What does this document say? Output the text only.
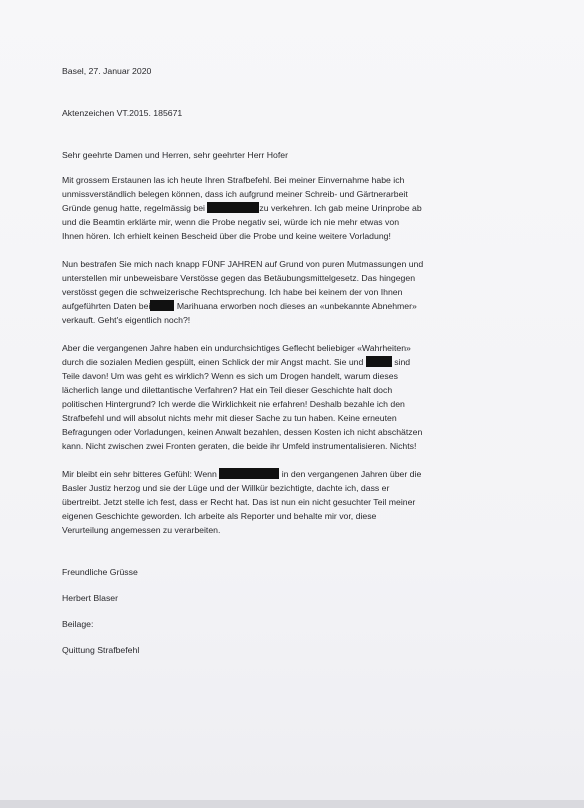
Basel, 27. Januar 2020

Aktenzeichen VT.2015. 185671

Sehr geehrte Damen und Herren, sehr geehrter Herr Hofer

Mit grossem Erstaunen las ich heute Ihren Strafbefehl. Bei meiner Einvernahme habe ich

unmissverständlich belegen können, dass ich aufgrund meiner Schreib- und Gärtnerarbeit

Gründe genug hatte, regelmässig bei	zu verkehren. Ich gab meine Urinprobe ab

und die Beamtin erklärte mir, wenn die Probe negativ sei, würde ich nie mehr etwas von

Ihnen hören. Ich erhielt keinen Bescheid über die Probe und keine weitere Vorladung!

Nun bestrafen Sie mich nach knapp FÜNF JAHREN auf Grund von puren Mutmassungen und

unterstellen mir unbeweisbare Verstösse gegen das Betäubungsmittelgesetz. Das hingegen

verstösst gegen die schweizerische Rechtsprechung. Ich habe bei keinem der von Ihnen

aufgeführten Daten bei	Marihuana erworben noch dieses an «unbekannte Abnehmer»

verkauft. Geht's eigentlich noch?!

Aber die vergangenen Jahre haben ein undurchsichtiges Geflecht beliebiger «Wahrheiten»

durch die sozialen Medien gespült, einen Schlick der mir Angst macht. Sie und	sind

Teile davon! Um was geht es wirklich? Wenn es sich um Drogen handelt, warum dieses

lächerlich lange und dilettantische Verfahren? Hat ein Teil dieser Geschichte halt doch

politischen Hintergrund? Ich werde die Wirklichkeit nie erfahren! Deshalb bezahle ich den

Strafbefehl und will absolut nichts mehr mit dieser Sache zu tun haben. Keine erneuten

Befragungen oder Vorladungen, keinen Anwalt bezahlen, dessen Kosten ich nicht abschätzen

kann. Nicht zwischen zwei Fronten geraten, die beide ihr Umfeld instrumentalisieren. Nichts!

Mir bleibt ein sehr bitteres Gefühl: Wenn	in den vergangenen Jahren über die

Basler Justiz herzog und sie der Lüge und der Willkür bezichtigte, dachte ich, dass er

übertreibt. Jetzt stelle ich fest, dass er Recht hat. Das ist nun ein nicht gesuchter Teil meiner

eigenen Geschichte geworden. Ich arbeite als Reporter und behalte mir vor, diese

Verurteilung angemessen zu verarbeiten.

Freundliche Grüsse

Herbert Blaser

Beilage:

Quittung Strafbefehl
